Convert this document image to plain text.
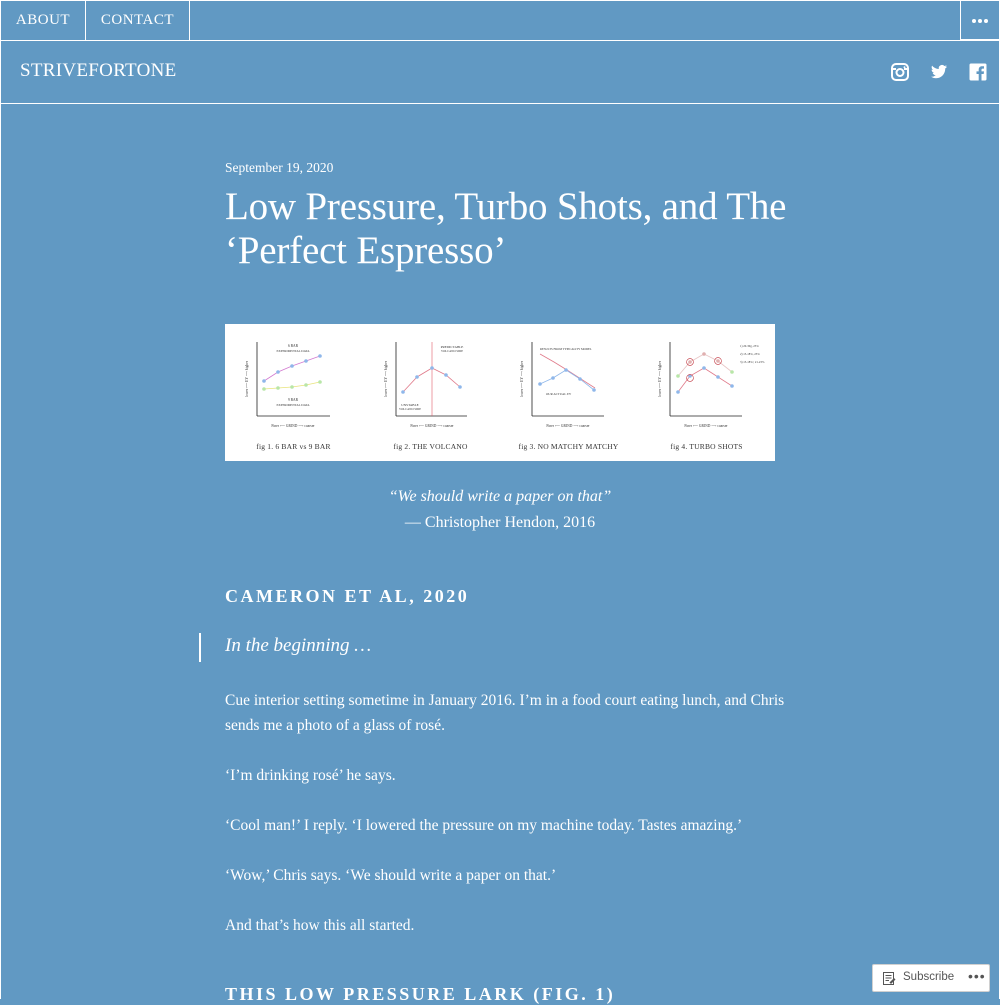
ABOUT	CONTACT
STRIVEFORTONE
September 19, 2020
Low Pressure, Turbo Shots, and The
‘Perfect Espresso’
6 BAR
EXPERIMENTAL DATA
9 BAR
EXPERIMENTAL DATA
lower ⟵ EY ⟶ higher
Finer ⟵ GRIND ⟶ coarser
fig 1. 6 BAR vs 9 BAR
PREDICTABLE
VOLCANO SIDE
UNSTABLE
VOLCANO SIDE
lower ⟵ EY ⟶ higher
Finer ⟵ GRIND ⟶ coarser
fig 2. THE VOLCANO
RESULTS FROM TYPICALITY MODEL
OUR ACTUAL EY
lower ⟵ EY ⟶ higher
Finer ⟵ GRIND ⟶ coarser
fig 3. NO MATCHY MATCHY
1) 20-30g, 25%
2) 15-18%, 23%
3) 15-18% | 21-23%
lower ⟵ EY ⟶ higher
Finer ⟵ GRIND ⟶ coarser
fig 4. TURBO SHOTS
“We should write a paper on that”
— Christopher Hendon, 2016
CAMERON ET AL, 2020
In the beginning …
Cue interior setting sometime in January 2016. I’m in a food court eating lunch, and Chris sends me a photo of a glass of rosé.
‘I’m drinking rosé’ he says.
‘Cool man!’ I reply. ‘I lowered the pressure on my machine today. Tastes amazing.’
‘Wow,’ Chris says. ‘We should write a paper on that.’
And that’s how this all started.
THIS LOW PRESSURE LARK (FIG. 1)
Subscribe •••
